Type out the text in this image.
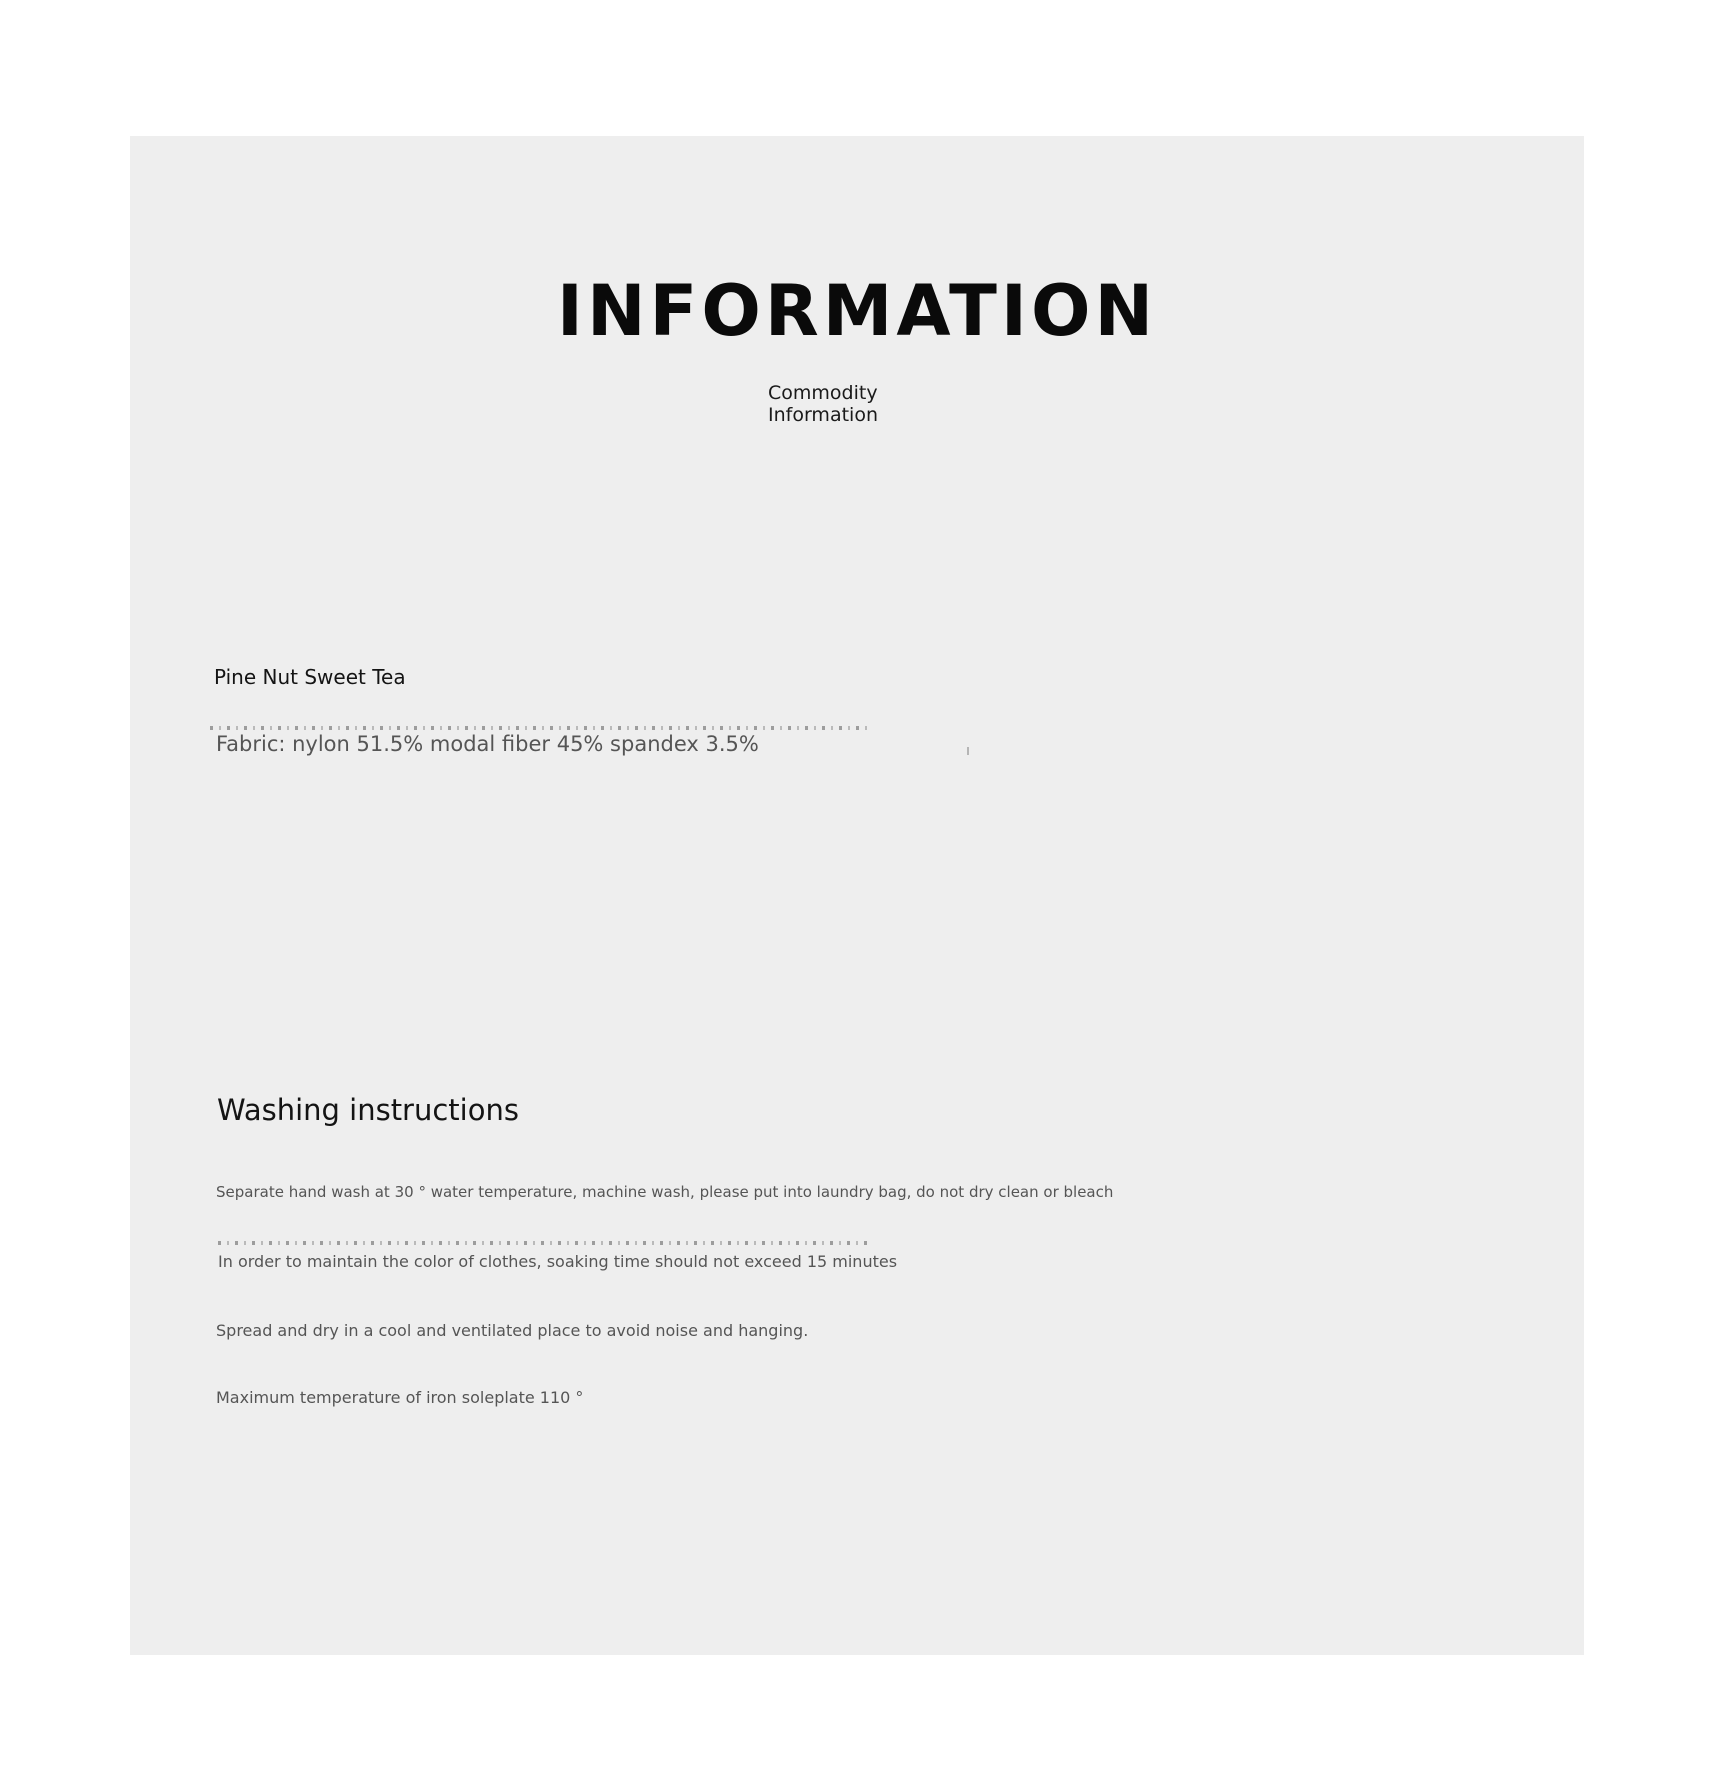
INFORMATION
Commodity Information
Pine Nut Sweet Tea
Fabric: nylon 51.5% modal fiber 45% spandex 3.5%
Washing instructions
Separate hand wash at 30 ° water temperature, machine wash, please put into laundry bag, do not dry clean or bleach
In order to maintain the color of clothes, soaking time should not exceed 15 minutes
Spread and dry in a cool and ventilated place to avoid noise and hanging.
Maximum temperature of iron soleplate 110 °
